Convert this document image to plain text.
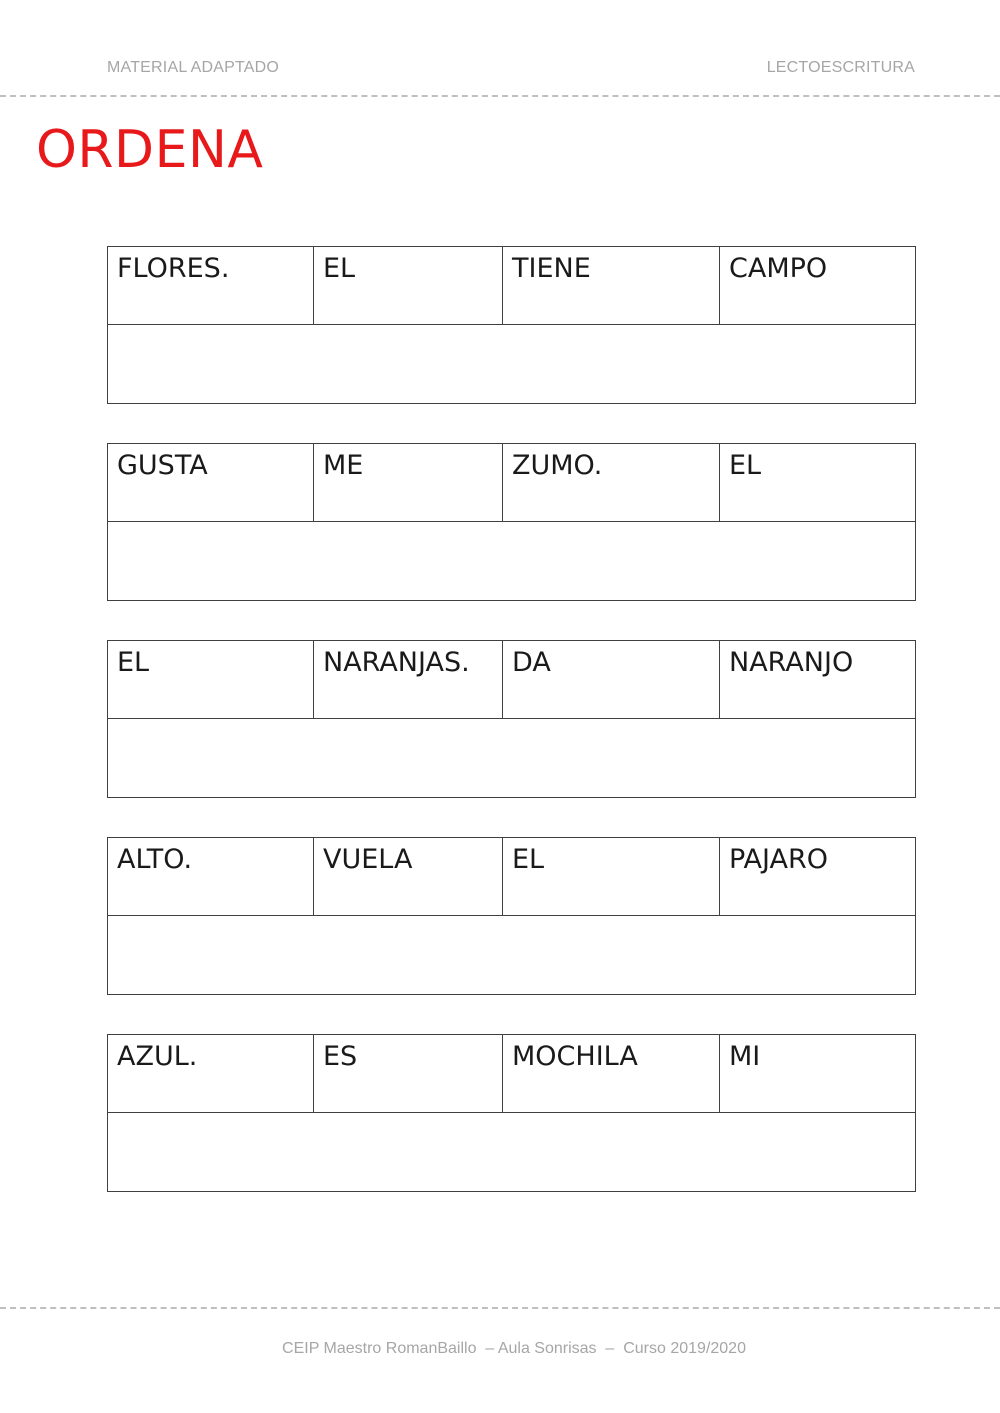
MATERIAL ADAPTADO	LECTOESCRITURA
ORDENA
FLORES.	EL	TIENE	CAMPO
GUSTA	ME	ZUMO.	EL
EL	NARANJAS.	DA	NARANJO
ALTO.	VUELA	EL	PAJARO
AZUL.	ES	MOCHILA	MI
CEIP Maestro RomanBaillo  – Aula Sonrisas  –  Curso 2019/2020
